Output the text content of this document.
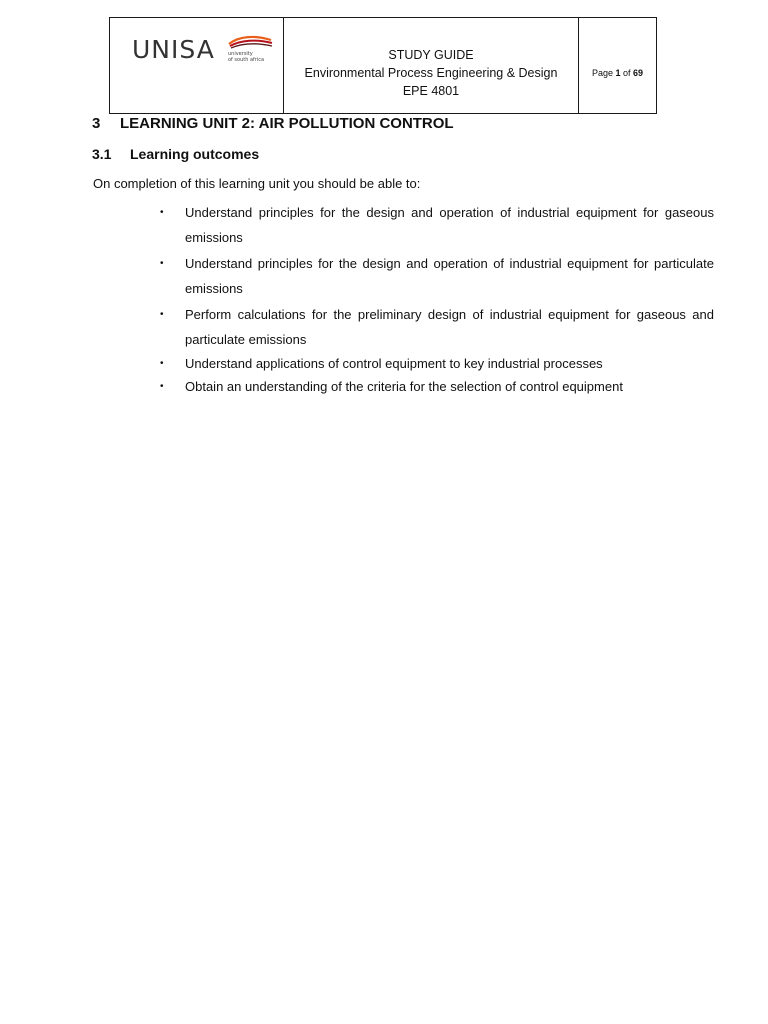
UNISA	university
of south africa	STUDY GUIDE
Environmental Process Engineering & Design
EPE 4801
Page
1
of
69
3 LEARNING UNIT 2: AIR POLLUTION CONTROL
3.1 Learning outcomes
On completion of this learning unit you should be able to:
• Understand principles for the design and operation of industrial equipment for gaseous emissions
• Understand principles for the design and operation of industrial equipment for particulate emissions
• Perform calculations for the preliminary design of industrial equipment for gaseous and particulate emissions
• Understand applications of control equipment to key industrial processes
• Obtain an understanding of the criteria for the selection of control equipment
